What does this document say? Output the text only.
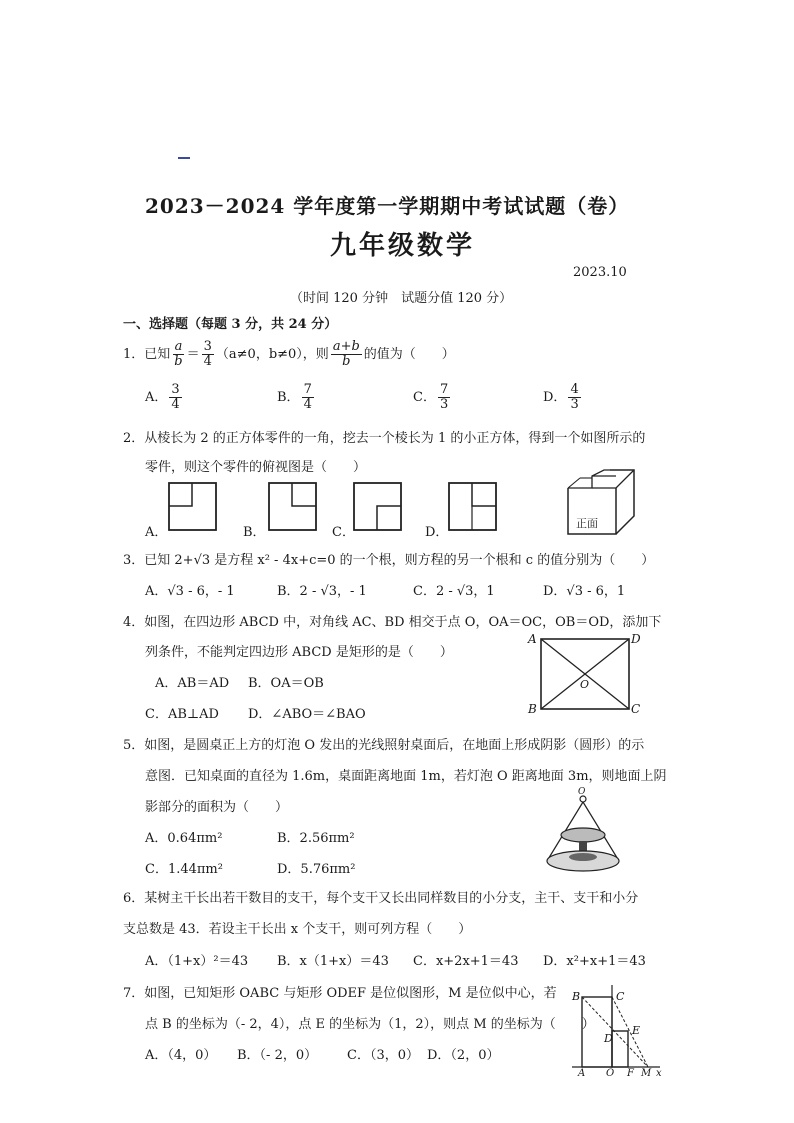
2023－2024 学年度第一学期期中考试试题（卷）
九年级数学
2023.10
（时间 120 分钟　试题分值 120 分）
一、选择题（每题 3 分，共 24 分）
1．已知 $\frac{a}{b} = \frac{3}{4} (a\ne 0$，b≠0），则 $\frac{a+b}{b}$ 的值为（　　）
A． $\frac{3}{4}$	B． $\frac{7}{4}$	C． $\frac{7}{3}$	D． $\frac{4}{3}$
2．从棱长为 2 的正方体零件的一角，挖去一个棱长为 1 的小正方体，得到一个如图所示的
零件，则这个零件的俯视图是（　　）
A．	B．	C．	D．
正面
3．已知 2+√3 是方程 x² - 4x+c=0 的一个根，则方程的另一个根和 c 的值分别为（　　）
A．√3 - 6，- 1	B．2 - √3，- 1	C．2 - √3，1	D．√3 - 6，1
4．如图，在四边形 ABCD 中，对角线 AC、BD 相交于点 O，OA＝OC，OB＝OD，添加下
列条件，不能判定四边形 ABCD 是矩形的是（　　）
A．AB＝AD B．OA＝OB
C．AB⊥AD D．∠ABO＝∠BAO
A	D
B	C
O
5．如图，是圆桌正上方的灯泡 O 发出的光线照射桌面后，在地面上形成阴影（圆形）的示
意图．已知桌面的直径为 1.6m，桌面距离地面 1m，若灯泡 O 距离地面 3m，则地面上阴
影部分的面积为（　　）
A．0.64πm²	B．2.56πm²
C．1.44πm²	D．5.76πm²
O
6．某树主干长出若干数目的支干，每个支干又长出同样数目的小分支，主干、支干和小分
支总数是 43．若设主干长出 x 个支干，则可列方程（　　）
A．（1+x）²＝43 B．x（1+x）＝43 C．x+2x+1＝43 D．x²+x+1＝43
7．如图，已知矩形 OABC 与矩形 ODEF 是位似图形，M 是位似中心，若
点 B 的坐标为（- 2，4），点 E 的坐标为（1，2），则点 M 的坐标为（　　）
A．（4，0） B．（- 2，0） C．（3，0） D．（2，0）
B	C
E
D
A O F M x
